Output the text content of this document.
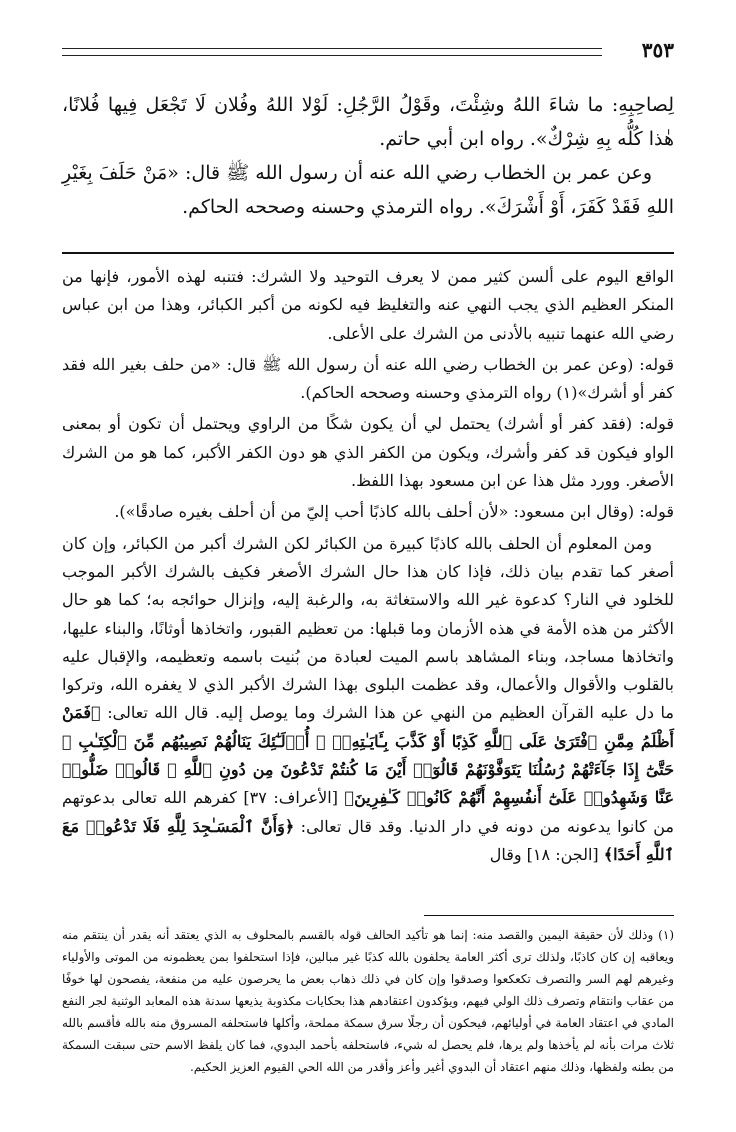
٣٥٣

لِصاحِبِهِ: ما شاءَ اللهُ وشِئْتَ، وقَوْلُ الرَّجُلِ: لَوْلا اللهُ وفُلان لَا تَجْعَل فِيها فُلانًا، هٰذا كُلُّه بِهِ شِرْكٌ». رواه ابن أبي حاتم.

وعن عمر بن الخطاب رضي الله عنه أن رسول الله ﷺ قال: «مَنْ حَلَفَ بِغَيْرِ اللهِ فَقَدْ كَفَرَ، أَوْ أَشْرَكَ». رواه الترمذي وحسنه وصححه الحاكم.

الواقع اليوم على ألسن كثير ممن لا يعرف التوحيد ولا الشرك: فتنبه لهذه الأمور، فإنها من المنكر العظيم الذي يجب النهي عنه والتغليظ فيه لكونه من أكبر الكبائر، وهذا من ابن عباس رضي الله عنهما تنبيه بالأدنى من الشرك على الأعلى.

قوله: (وعن عمر بن الخطاب رضي الله عنه أن رسول الله ﷺ قال: «من حلف بغير الله فقد كفر أو أشرك»(١) رواه الترمذي وحسنه وصححه الحاكم).

قوله: (فقد كفر أو أشرك) يحتمل لي أن يكون شكًا من الراوي ويحتمل أن تكون أو بمعنى الواو فيكون قد كفر وأشرك، ويكون من الكفر الذي هو دون الكفر الأكبر، كما هو من الشرك الأصغر. وورد مثل هذا عن ابن مسعود بهذا اللفظ.

قوله: (وقال ابن مسعود: «لأن أحلف بالله كاذبًا أحب إليّ من أن أحلف بغيره صادقًا»).

ومن المعلوم أن الحلف بالله كاذبًا كبيرة من الكبائر لكن الشرك أكبر من الكبائر، وإن كان أصغر كما تقدم بيان ذلك، فإذا كان هذا حال الشرك الأصغر فكيف بالشرك الأكبر الموجب للخلود في النار؟ كدعوة غير الله والاستغاثة به، والرغبة إليه، وإنزال حوائجه به؛ كما هو حال الأكثر من هذه الأمة في هذه الأزمان وما قبلها: من تعظيم القبور، واتخاذها أوثانًا، والبناء عليها، واتخاذها مساجد، وبناء المشاهد باسم الميت لعبادة من بُنيت باسمه وتعظيمه، والإقبال عليه بالقلوب والأقوال والأعمال، وقد عظمت البلوى بهذا الشرك الأكبر الذي لا يغفره الله، وتركوا ما دل عليه القرآن العظيم من النهي عن هذا الشرك وما يوصل إليه. قال الله تعالى: ﴿فَمَنْ أَظْلَمُ مِمَّنِ ٱفْتَرَىٰ عَلَى ٱللَّهِ كَذِبًا أَوْ كَذَّبَ بِـَٔايَـٰتِهِۦٓ ۚ أُو۟لَـٰٓئِكَ يَنَالُهُمْ نَصِيبُهُم مِّنَ ٱلْكِتَـٰبِ ۖ حَتَّىٰٓ إِذَا جَآءَتْهُمْ رُسُلُنَا يَتَوَفَّوْنَهُمْ قَالُوٓا۟ أَيْنَ مَا كُنتُمْ تَدْعُونَ مِن دُونِ ٱللَّهِ ۖ قَالُوا۟ ضَلُّوا۟ عَنَّا وَشَهِدُوا۟ عَلَىٰٓ أَنفُسِهِمْ أَنَّهُمْ كَانُوا۟ كَـٰفِرِينَ﴾ [الأعراف: ٣٧] كفرهم الله تعالى بدعوتهم من كانوا يدعونه من دونه في دار الدنيا. وقد قال تعالى: ﴿وَأَنَّ ٱلْمَسَـٰجِدَ لِلَّهِ فَلَا تَدْعُوا۟ مَعَ ٱللَّهِ أَحَدًا﴾ [الجن: ١٨] وقال

(١) وذلك لأن حقيقة اليمين والقصد منه: إنما هو تأكيد الحالف قوله بالقسم بالمحلوف به الذي يعتقد أنه يقدر أن ينتقم منه ويعاقبه إن كان كاذبًا، ولذلك ترى أكثر العامة يحلفون بالله كذبًا غير مبالين، فإذا استحلفوا بمن يعظمونه من الموتى والأولياء وغيرهم لهم السر والتصرف تكعكعوا وصدقوا وإن كان في ذلك ذهاب بعض ما يحرصون عليه من منفعة، يفصحون لها خوفًا من عقاب وانتقام وتصرف ذلك الولي فيهم، ويؤكدون اعتقادهم هذا بحكايات مكذوبة يذيعها سدنة هذه المعابد الوثنية لجر النفع المادي في اعتقاد العامة في أوليائهم، فيحكون أن رجلًا سرق سمكة مملحة، وأكلها فاستحلفه المسروق منه بالله فأقسم بالله ثلاث مرات بأنه لم يأخذها ولم يرها، فلم يحصل له شيء، فاستحلفه بأحمد البدوي، فما كان يلفظ الاسم حتى سبقت السمكة من بطنه ولفظها، وذلك منهم اعتقاد أن البدوي أغير وأعز وأقدر من الله الحي القيوم العزيز الحكيم.
